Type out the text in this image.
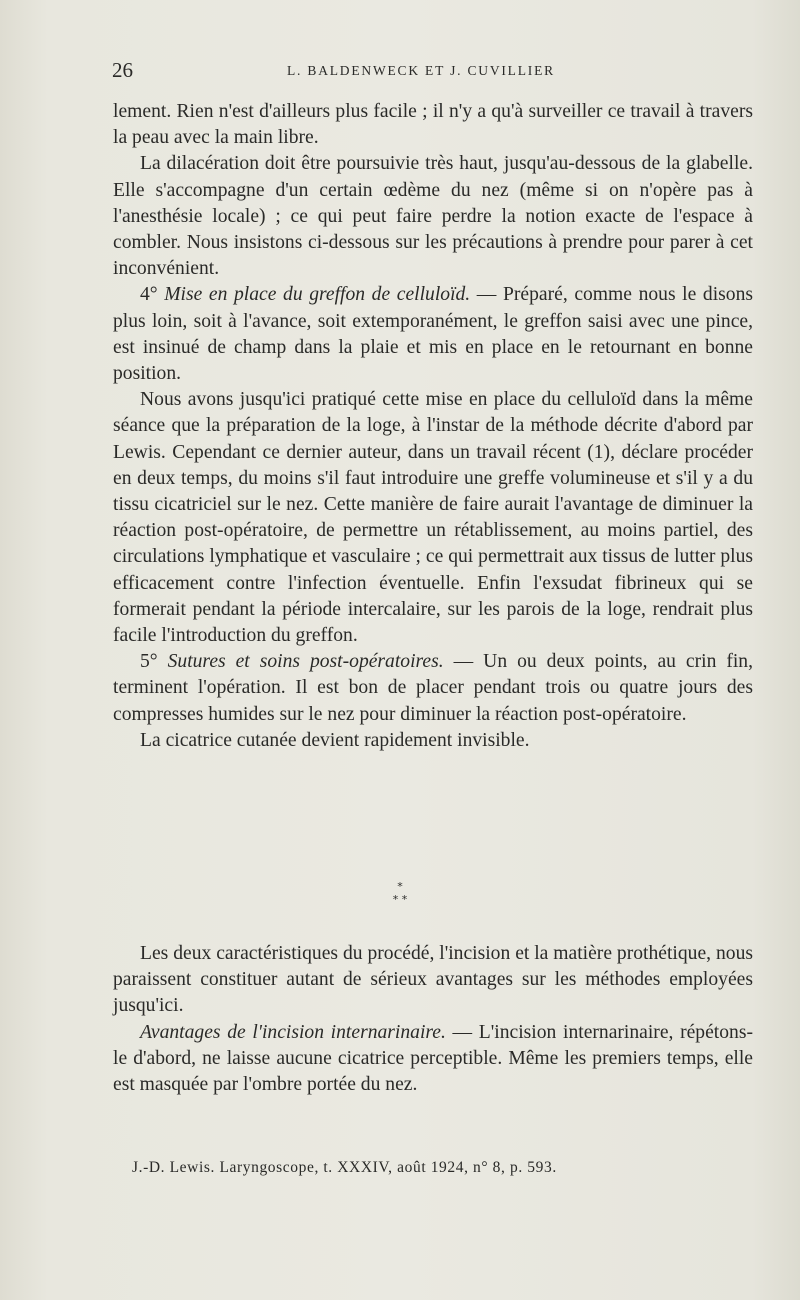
26	L. BALDENWECK ET J. CUVILLIER

lement. Rien n'est d'ailleurs plus facile ; il n'y a qu'à surveiller ce travail à travers la peau avec la main libre.

La dilacération doit être poursuivie très haut, jusqu'au-dessous de la glabelle. Elle s'accompagne d'un certain œdème du nez (même si on n'opère pas à l'anesthésie locale) ; ce qui peut faire perdre la notion exacte de l'espace à combler. Nous insistons ci-dessous sur les précautions à prendre pour parer à cet inconvénient.

4° Mise en place du greffon de celluloïd. — Préparé, comme nous le disons plus loin, soit à l'avance, soit extemporanément, le greffon saisi avec une pince, est insinué de champ dans la plaie et mis en place en le retournant en bonne position.

Nous avons jusqu'ici pratiqué cette mise en place du celluloïd dans la même séance que la préparation de la loge, à l'instar de la méthode décrite d'abord par Lewis. Cependant ce dernier auteur, dans un travail récent (1), déclare procéder en deux temps, du moins s'il faut introduire une greffe volumineuse et s'il y a du tissu cicatriciel sur le nez. Cette manière de faire aurait l'avantage de diminuer la réaction post-opératoire, de permettre un rétablissement, au moins partiel, des circulations lymphatique et vasculaire ; ce qui permettrait aux tissus de lutter plus efficacement contre l'infection éventuelle. Enfin l'exsudat fibrineux qui se formerait pendant la période intercalaire, sur les parois de la loge, rendrait plus facile l'introduction du greffon.

5° Sutures et soins post-opératoires. — Un ou deux points, au crin fin, terminent l'opération. Il est bon de placer pendant trois ou quatre jours des compresses humides sur le nez pour diminuer la réaction post-opératoire.

La cicatrice cutanée devient rapidement invisible.

*
* *

Les deux caractéristiques du procédé, l'incision et la matière prothétique, nous paraissent constituer autant de sérieux avantages sur les méthodes employées jusqu'ici.

Avantages de l'incision internarinaire. — L'incision internarinaire, répétons-le d'abord, ne laisse aucune cicatrice perceptible. Même les premiers temps, elle est masquée par l'ombre portée du nez.

J.-D. Lewis. Laryngoscope, t. XXXIV, août 1924, n° 8, p. 593.
